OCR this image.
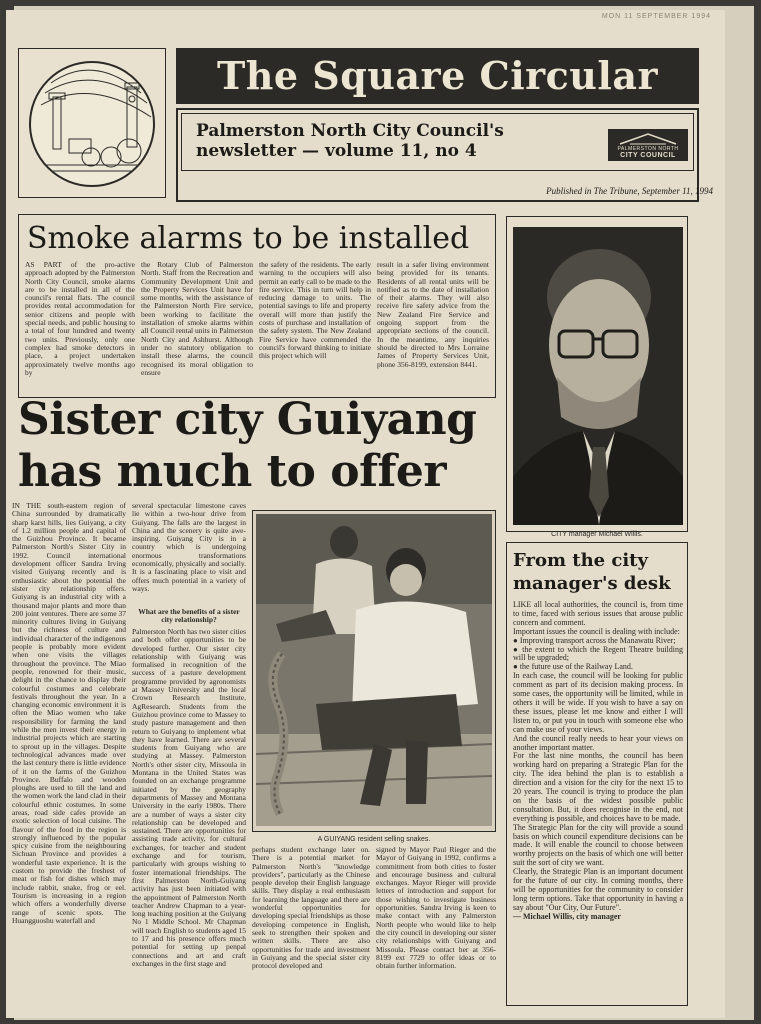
MON 11 SEPTEMBER 1994
The Square Circular
Palmerston North City Council's
newsletter — volume 11, no 4	PALMERSTON NORTH
CITY COUNCIL
Published in The Tribune, September 11, 1994
Smoke alarms to be installed
AS PART of the pro-active approach adopted by the Palmerston North City Council, smoke alarms are to be installed in all of the council's rental flats. The council provides rental accommodation for senior citizens and people with special needs, and public housing to a total of four hundred and twenty two units. Previously, only one complex had smoke detectors in place, a project undertaken approximately twelve months ago by
the Rotary Club of Palmerston North. Staff from the Recreation and Community Development Unit and the Property Services Unit have for some months, with the assistance of the Palmerston North Fire service, been working to facilitate the installation of smoke alarms within all Council rental units in Palmerston North City and Ashhurst. Although under no statutory obligation to install these alarms, the council recognised its moral obligation to ensure
the safety of the residents. The early warning to the occupiers will also permit an early call to be made to the fire service. This in turn will help in reducing damage to units. The potential savings to life and property overall will more than justify the costs of purchase and installation of the safety system. The New Zealand Fire Service have commended the council's forward thinking to initiate this project which will
result in a safer living environment being provided for its tenants. Residents of all rental units will be notified as to the date of installation of their alarms. They will also receive fire safety advice from the New Zealand Fire Service and ongoing support from the appropriate sections of the council. In the meantime, any inquiries should be directed to Mrs Lorraine James of Property Services Unit, phone 356-8199, extension 8441.
Sister city Guiyang
has much to offer
IN THE south-eastern region of China surrounded by dramatically sharp karst hills, lies Guiyang, a city of 1.2 million people and capital of the Guizhou Province. It became Palmerston North's Sister City in 1992. Council international development officer Sandra Irving visited Guiyang recently and is enthusiastic about the potential the sister city relationship offers. Guiyang is an industrial city with a thousand major plants and more than 200 joint ventures. There are some 37 minority cultures living in Guiyang but the richness of culture and individual character of the indigenous people is probably more evident when one visits the villages throughout the province. The Miao people, renowned for their music, delight in the chance to display their colourful costumes and celebrate festivals throughout the year. In a changing economic environment it is often the Miao women who take responsibility for farming the land while the men invest their energy in industrial projects which are starting to sprout up in the villages. Despite technological advances made over the last century there is little evidence of it on the farms of the Guizhou Province. Buffalo and wooden ploughs are used to till the land and the women work the land clad in their colourful ethnic costumes. In some areas, road side cafes provide an exotic selection of local cuisine. The flavour of the food in the region is strongly influenced by the popular spicy cuisine from the neighbouring Sichuan Province and provides a wonderful taste experience. It is the custom to provide the freshest of meat or fish for dishes which may include rabbit, snake, frog or eel. Tourism is increasing in a region which offers a wonderfully diverse range of scenic spots. The Huangguoshu waterfall and
several spectacular limestone caves lie within a two-hour drive from Guiyang. The falls are the largest in China and the scenery is quite awe-inspiring. Guiyang City is in a country which is undergoing enormous transformations economically, physically and socially. It is a fascinating place to visit and offers much potential in a variety of ways.
What are the benefits of a sister city relationship?
Palmerston North has two sister cities and both offer opportunities to be developed further. Our sister city relationship with Guiyang was formalised in recognition of the success of a pasture development programme provided by agronomists at Massey University and the local Crown Research Institute, AgResearch. Students from the Guizhou province come to Massey to study pasture management and then return to Guiyang to implement what they have learned. There are several students from Guiyang who are studying at Massey. Palmerston North's other sister city, Missoula in Montana in the United States was founded on an exchange programme initiated by the geography departments of Massey and Montana University in the early 1980s. There are a number of ways a sister city relationship can be developed and sustained. There are opportunities for assisting trade activity, for cultural exchanges, for teacher and student exchange and for tourism, particularly with groups wishing to foster international friendships. The first Palmerston North-Guiyang activity has just been initiated with the appointment of Palmerston North teacher Andrew Chapman to a year-long teaching position at the Guiyang No 1 Middle School. Mr Chapman will teach English to students aged 15 to 17 and his presence offers much potential for setting up penpal connections and art and craft exchanges in the first stage and
A GUIYANG resident selling snakes.
perhaps student exchange later on. There is a potential market for Palmerston North's "knowledge providers", particularly as the Chinese people develop their English language skills. They display a real enthusiasm for learning the language and there are wonderful opportunities for developing special friendships as those developing competence in English, seek to strengthen their spoken and written skills. There are also opportunities for trade and investment in Guiyang and the special sister city protocol developed and
signed by Mayor Paul Rieger and the Mayor of Guiyang in 1992, confirms a commitment from both cities to foster and encourage business and cultural exchanges. Mayor Rieger will provide letters of introduction and support for those wishing to investigate business opportunities. Sandra Irving is keen to make contact with any Palmerston North people who would like to help the city council in developing our sister city relationships with Guiyang and Missoula. Please contact her at 356-8199 ext 7729 to offer ideas or to obtain further information.
CITY manager Michael Willis.
From the city manager's desk
LIKE all local authorities, the council is, from time to time, faced with serious issues that arouse public concern and comment.
Important issues the council is dealing with include:
● Improving transport across the Manawatu River;
● the extent to which the Regent Theatre building will be upgraded;
● the future use of the Railway Land.
In each case, the council will be looking for public comment as part of its decision making process. In some cases, the opportunity will be limited, while in others it will be wide. If you wish to have a say on these issues, please let me know and either I will listen to, or put you in touch with someone else who can make use of your views.
And the council really needs to hear your views on another important matter.
For the last nine months, the council has been working hard on preparing a Strategic Plan for the city. The idea behind the plan is to establish a direction and a vision for the city for the next 15 to 20 years. The council is trying to produce the plan on the basis of the widest possible public consultation. But, it does recognise in the end, not everything is possible, and choices have to be made.
The Strategic Plan for the city will provide a sound basis on which council expenditure decisions can be made. It will enable the council to choose between worthy projects on the basis of which one will better suit the sort of city we want.
Clearly, the Strategic Plan is an important document for the future of our city. In coming months, there will be opportunities for the community to consider long term options. Take that opportunity in having a say about "Our City, Our Future".
— Michael Willis, city manager
